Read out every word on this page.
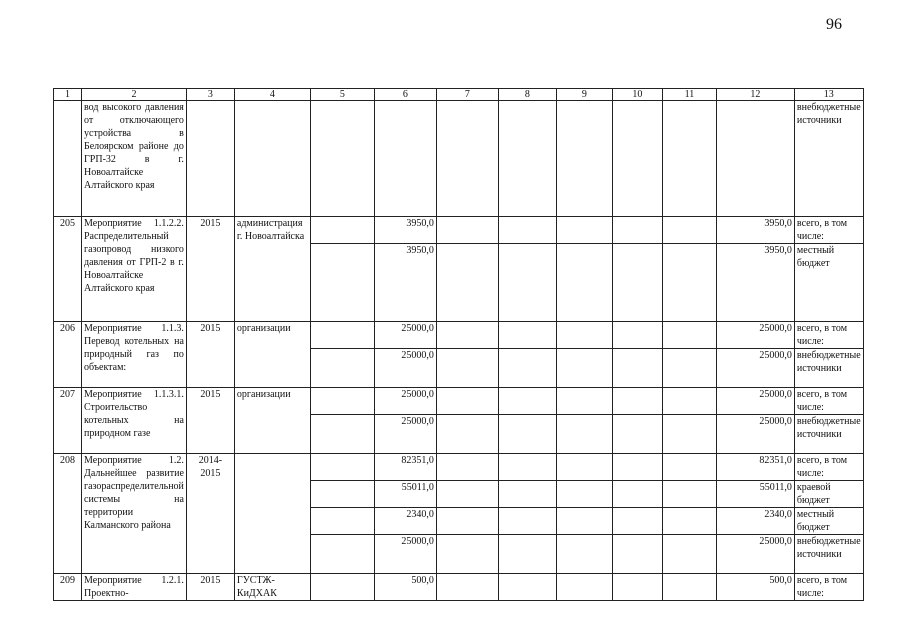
96
1	2	3	4	5	6	7	8	9	10	11	12	13
	вод высокого давления от отключающего устройства в Белоярском районе до ГРП-32 в г. Новоалтайске Алтайского края											внебюджетные источники
205	Мероприятие 1.1.2.2. Распределительный газопровод низкого давления от ГРП-2 в г. Новоалтайске Алтайского края	2015	администрация г. Новоалтайска		3950,0						3950,0	всего, в том числе:
					3950,0						3950,0	местный бюджет
206	Мероприятие 1.1.3. Перевод котельных на природный газ по объектам:	2015	организации		25000,0						25000,0	всего, в том числе:
					25000,0						25000,0	внебюджетные источники
207	Мероприятие 1.1.3.1. Строительство котельных на природном газе	2015	организации		25000,0						25000,0	всего, в том числе:
					25000,0						25000,0	внебюджетные источники
208	Мероприятие 1.2. Дальнейшее развитие газораспределительной системы на территории Калманского района	2014-2015			82351,0						82351,0	всего, в том числе:
					55011,0						55011,0	краевой бюджет
					2340,0						2340,0	местный бюджет
					25000,0						25000,0	внебюджетные источники
209	Мероприятие 1.2.1. Проектно-	2015	ГУСТЖ-КиДХАК		500,0						500,0	всего, в том числе:
